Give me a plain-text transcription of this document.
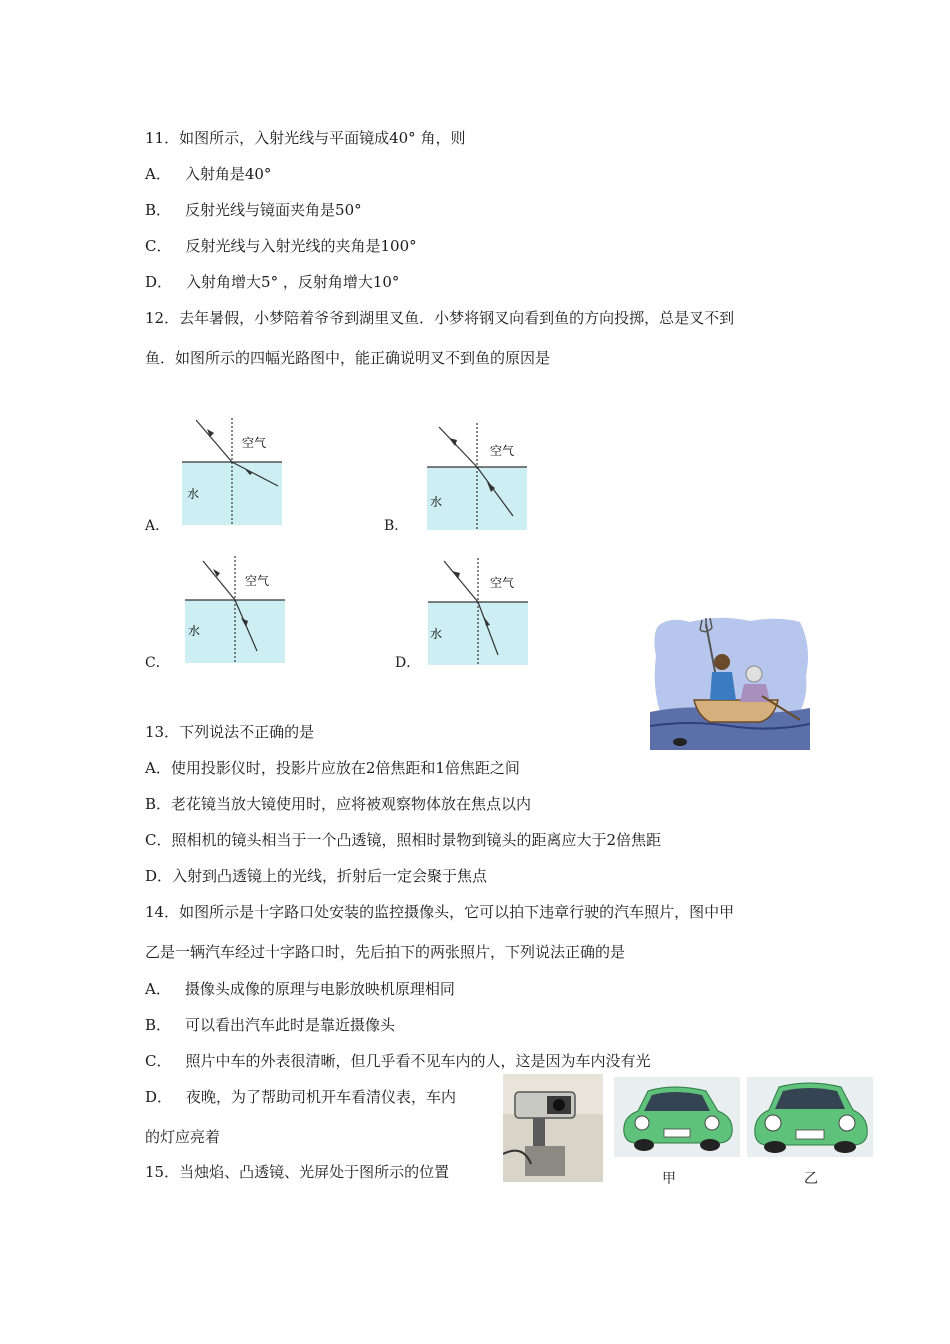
11．如图所示，入射光线与平面镜成40° 角，则
A． 入射角是40°
B． 反射光线与镜面夹角是50°
C． 反射光线与入射光线的夹角是100°
D． 入射角增大5° ，反射角增大10°
12．去年暑假，小梦陪着爷爷到湖里叉鱼．小梦将钢叉向看到鱼的方向投掷，总是叉不到
鱼．如图所示的四幅光路图中，能正确说明叉不到鱼的原因是
A．
空气
水
B．
空气
水
C．
空气
水
D．
空气
水
13．下列说法不正确的是
A．使用投影仪时，投影片应放在2倍焦距和1倍焦距之间
B．老花镜当放大镜使用时，应将被观察物体放在焦点以内
C．照相机的镜头相当于一个凸透镜，照相时景物到镜头的距离应大于2倍焦距
D．入射到凸透镜上的光线，折射后一定会聚于焦点
14．如图所示是十字路口处安装的监控摄像头，它可以拍下违章行驶的汽车照片，图中甲
乙是一辆汽车经过十字路口时，先后拍下的两张照片，下列说法正确的是
A． 摄像头成像的原理与电影放映机原理相同
B． 可以看出汽车此时是靠近摄像头
C． 照片中车的外表很清晰，但几乎看不见车内的人，这是因为车内没有光
D． 夜晚，为了帮助司机开车看清仪表，车内
的灯应亮着
甲	乙
15．当烛焰、凸透镜、光屏处于图所示的位置
